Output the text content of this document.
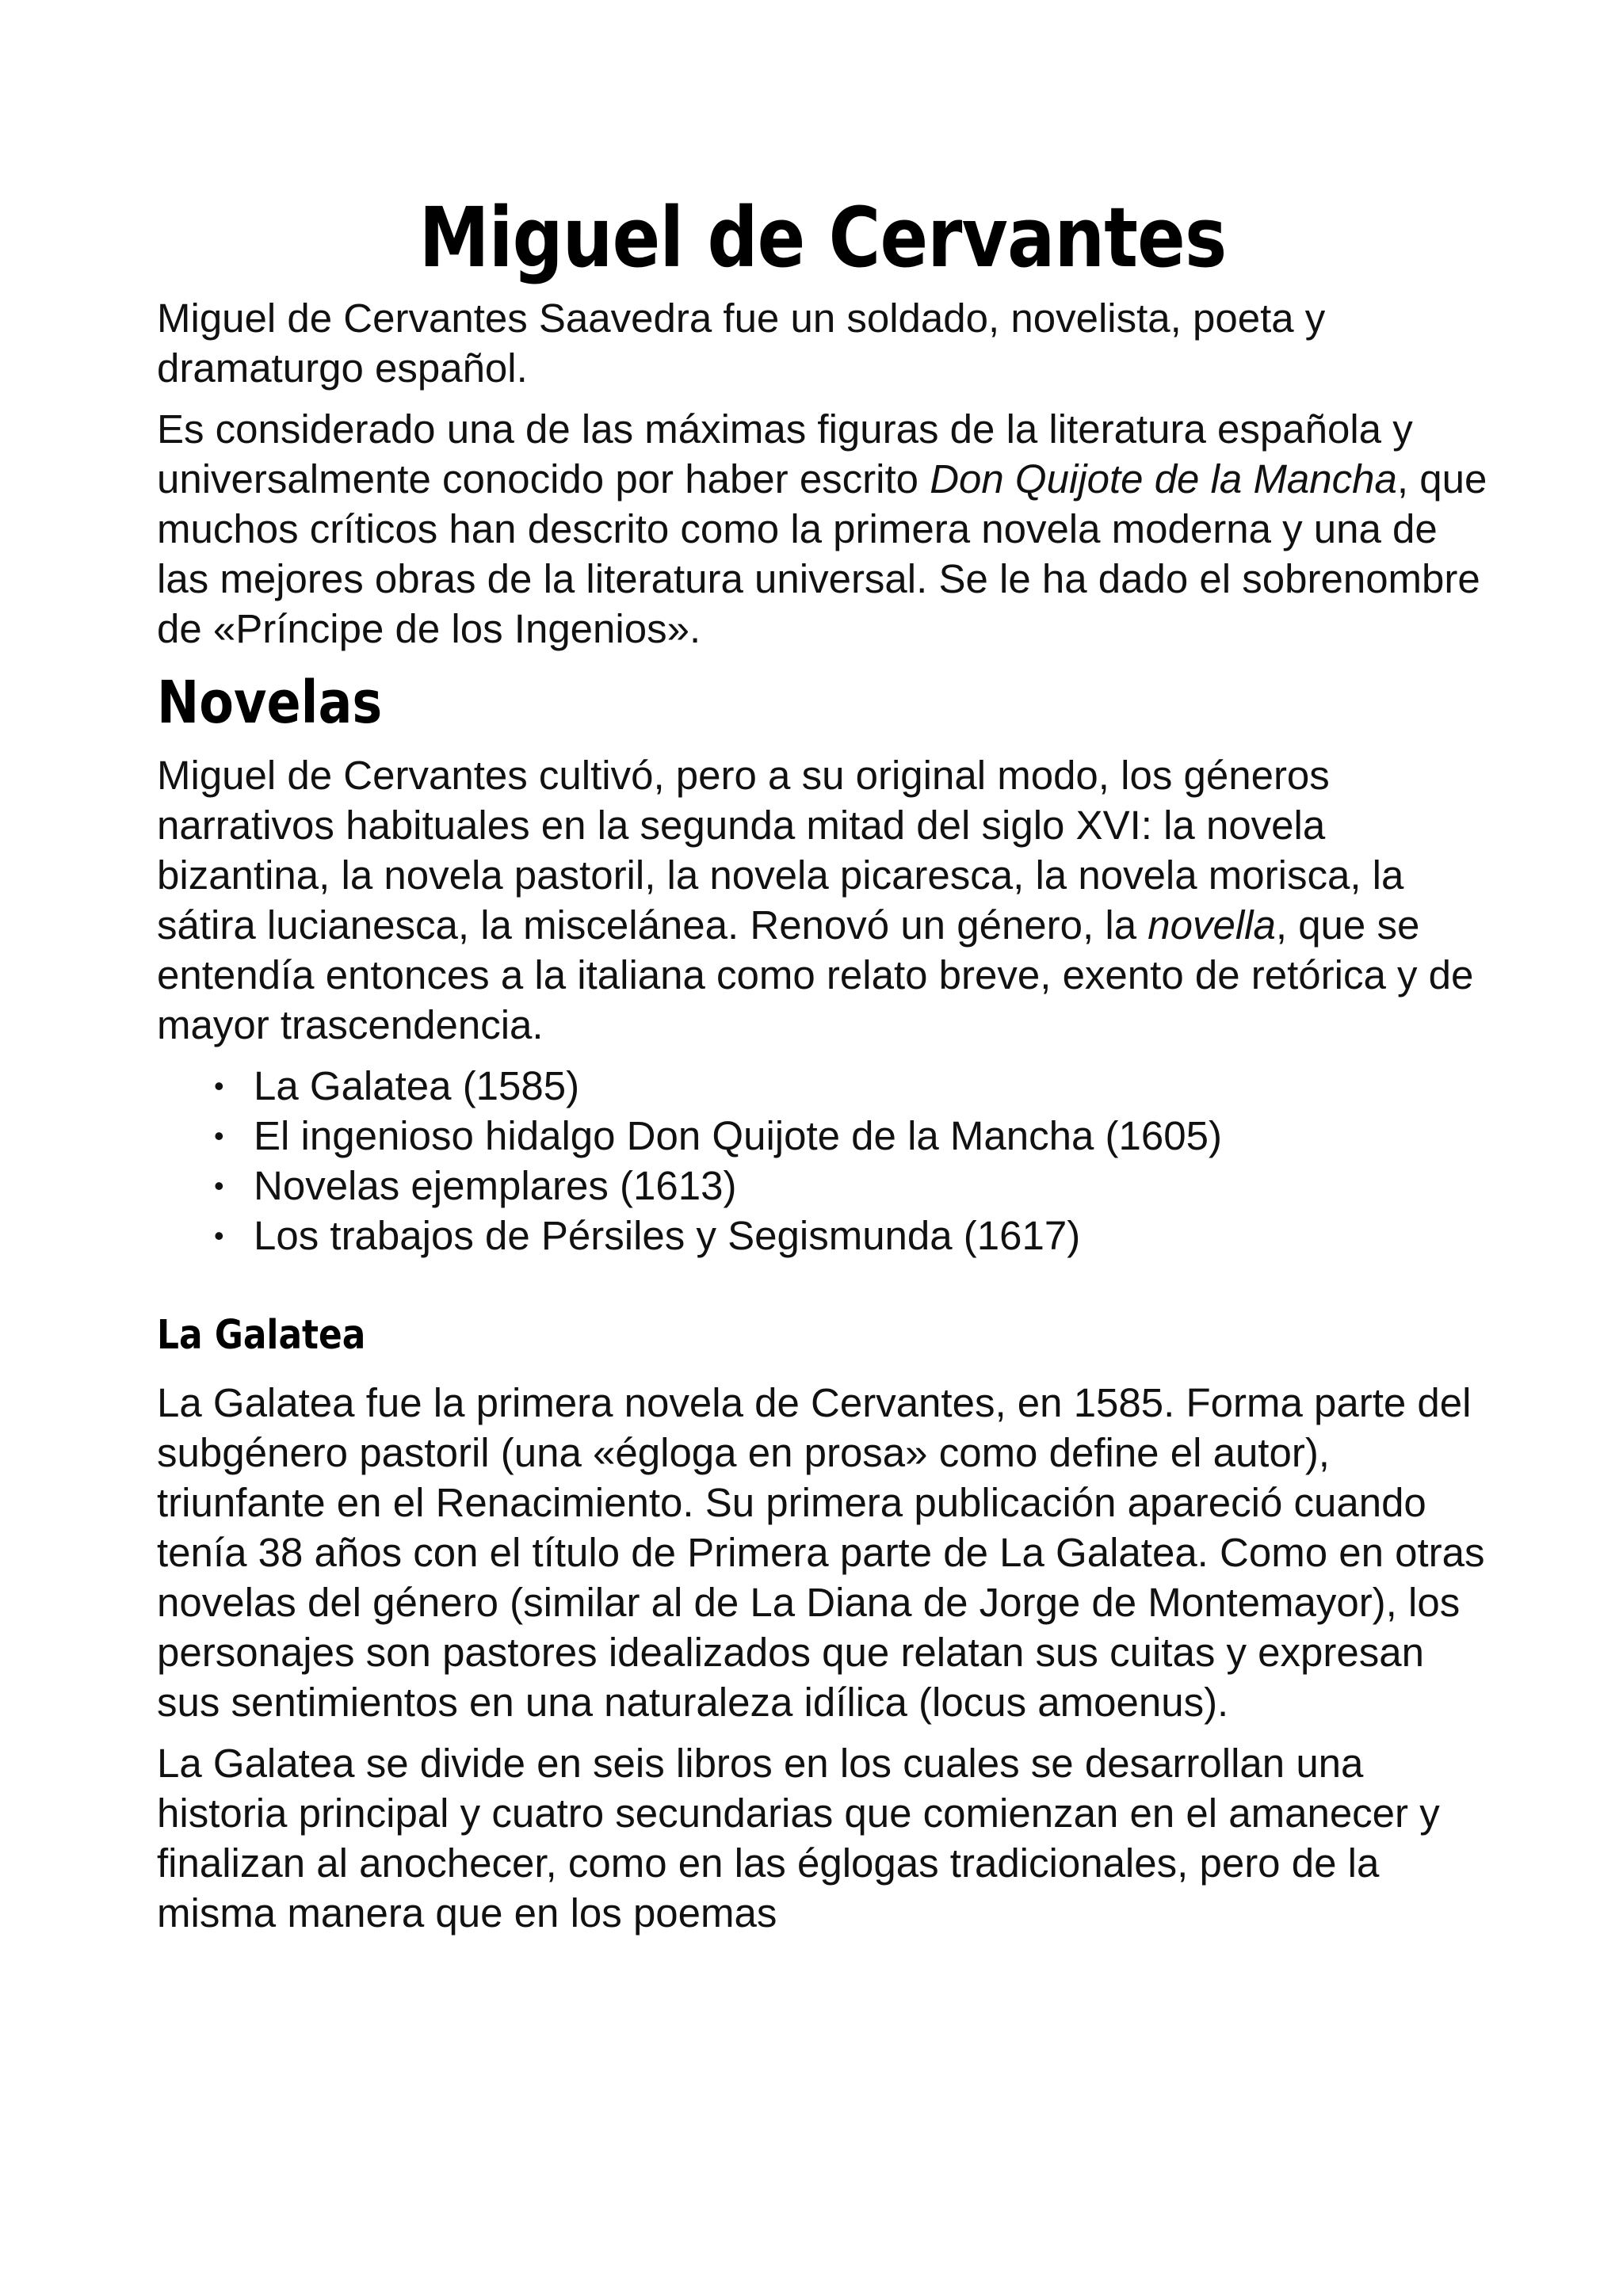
Miguel de Cervantes

Miguel de Cervantes Saavedra fue un soldado, novelista, poeta y dramaturgo español.

Es considerado una de las máximas figuras de la literatura española y universalmente conocido por haber escrito Don Quijote de la Mancha, que muchos críticos han descrito como la primera novela moderna y una de las mejores obras de la literatura universal. Se le ha dado el sobrenombre de «Príncipe de los Ingenios».

Novelas

Miguel de Cervantes cultivó, pero a su original modo, los géneros narrativos habituales en la segunda mitad del siglo XVI: la novela bizantina, la novela pastoril, la novela picaresca, la novela morisca, la sátira lucianesca, la miscelánea. Renovó un género, la novella, que se entendía entonces a la italiana como relato breve, exento de retórica y de mayor trascendencia.

• La Galatea (1585)
• El ingenioso hidalgo Don Quijote de la Mancha (1605)
• Novelas ejemplares (1613)
• Los trabajos de Pérsiles y Segismunda (1617)
La Galatea

La Galatea fue la primera novela de Cervantes, en 1585. Forma parte del subgénero pastoril (una «égloga en prosa» como define el autor), triunfante en el Renacimiento. Su primera publicación apareció cuando tenía 38 años con el título de Primera parte de La Galatea. Como en otras novelas del género (similar al de La Diana de Jorge de Montemayor), los personajes son pastores idealizados que relatan sus cuitas y expresan sus sentimientos en una naturaleza idílica (locus amoenus).

La Galatea se divide en seis libros en los cuales se desarrollan una historia principal y cuatro secundarias que comienzan en el amanecer y finalizan al anochecer, como en las églogas tradicionales, pero de la misma manera que en los poemas
